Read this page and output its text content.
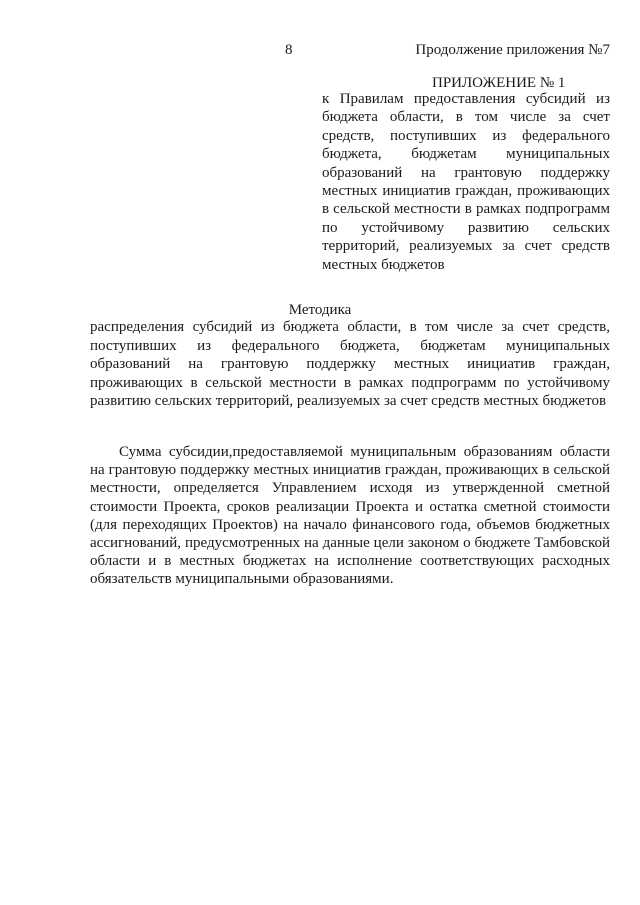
8	Продолжение приложения №7
ПРИЛОЖЕНИЕ № 1

к Правилам предоставления субсидий из бюджета области, в том числе за счет средств, поступивших из федерального бюджета, бюджетам муниципальных образований на грантовую поддержку местных инициатив граждан, проживающих в сельской местности в рамках подпрограмм по устойчивому развитию сельских территорий, реализуемых за счет средств местных бюджетов

Методика

распределения субсидий из бюджета области, в том числе за счет средств, поступивших из федерального бюджета, бюджетам муниципальных образований на грантовую поддержку местных инициатив граждан, проживающих в сельской местности в рамках подпрограмм по устойчивому развитию сельских территорий, реализуемых за счет средств местных бюджетов

Сумма субсидии,предоставляемой муниципальным образованиям области на грантовую поддержку местных инициатив граждан, проживающих в сельской местности, определяется Управлением исходя из утвержденной сметной стоимости Проекта, сроков реализации Проекта и остатка сметной стоимости (для переходящих Проектов) на начало финансового года, объемов бюджетных ассигнований, предусмотренных на данные цели законом о бюджете Тамбовской области и в местных бюджетах на исполнение соответствующих расходных обязательств муниципальными образованиями.
